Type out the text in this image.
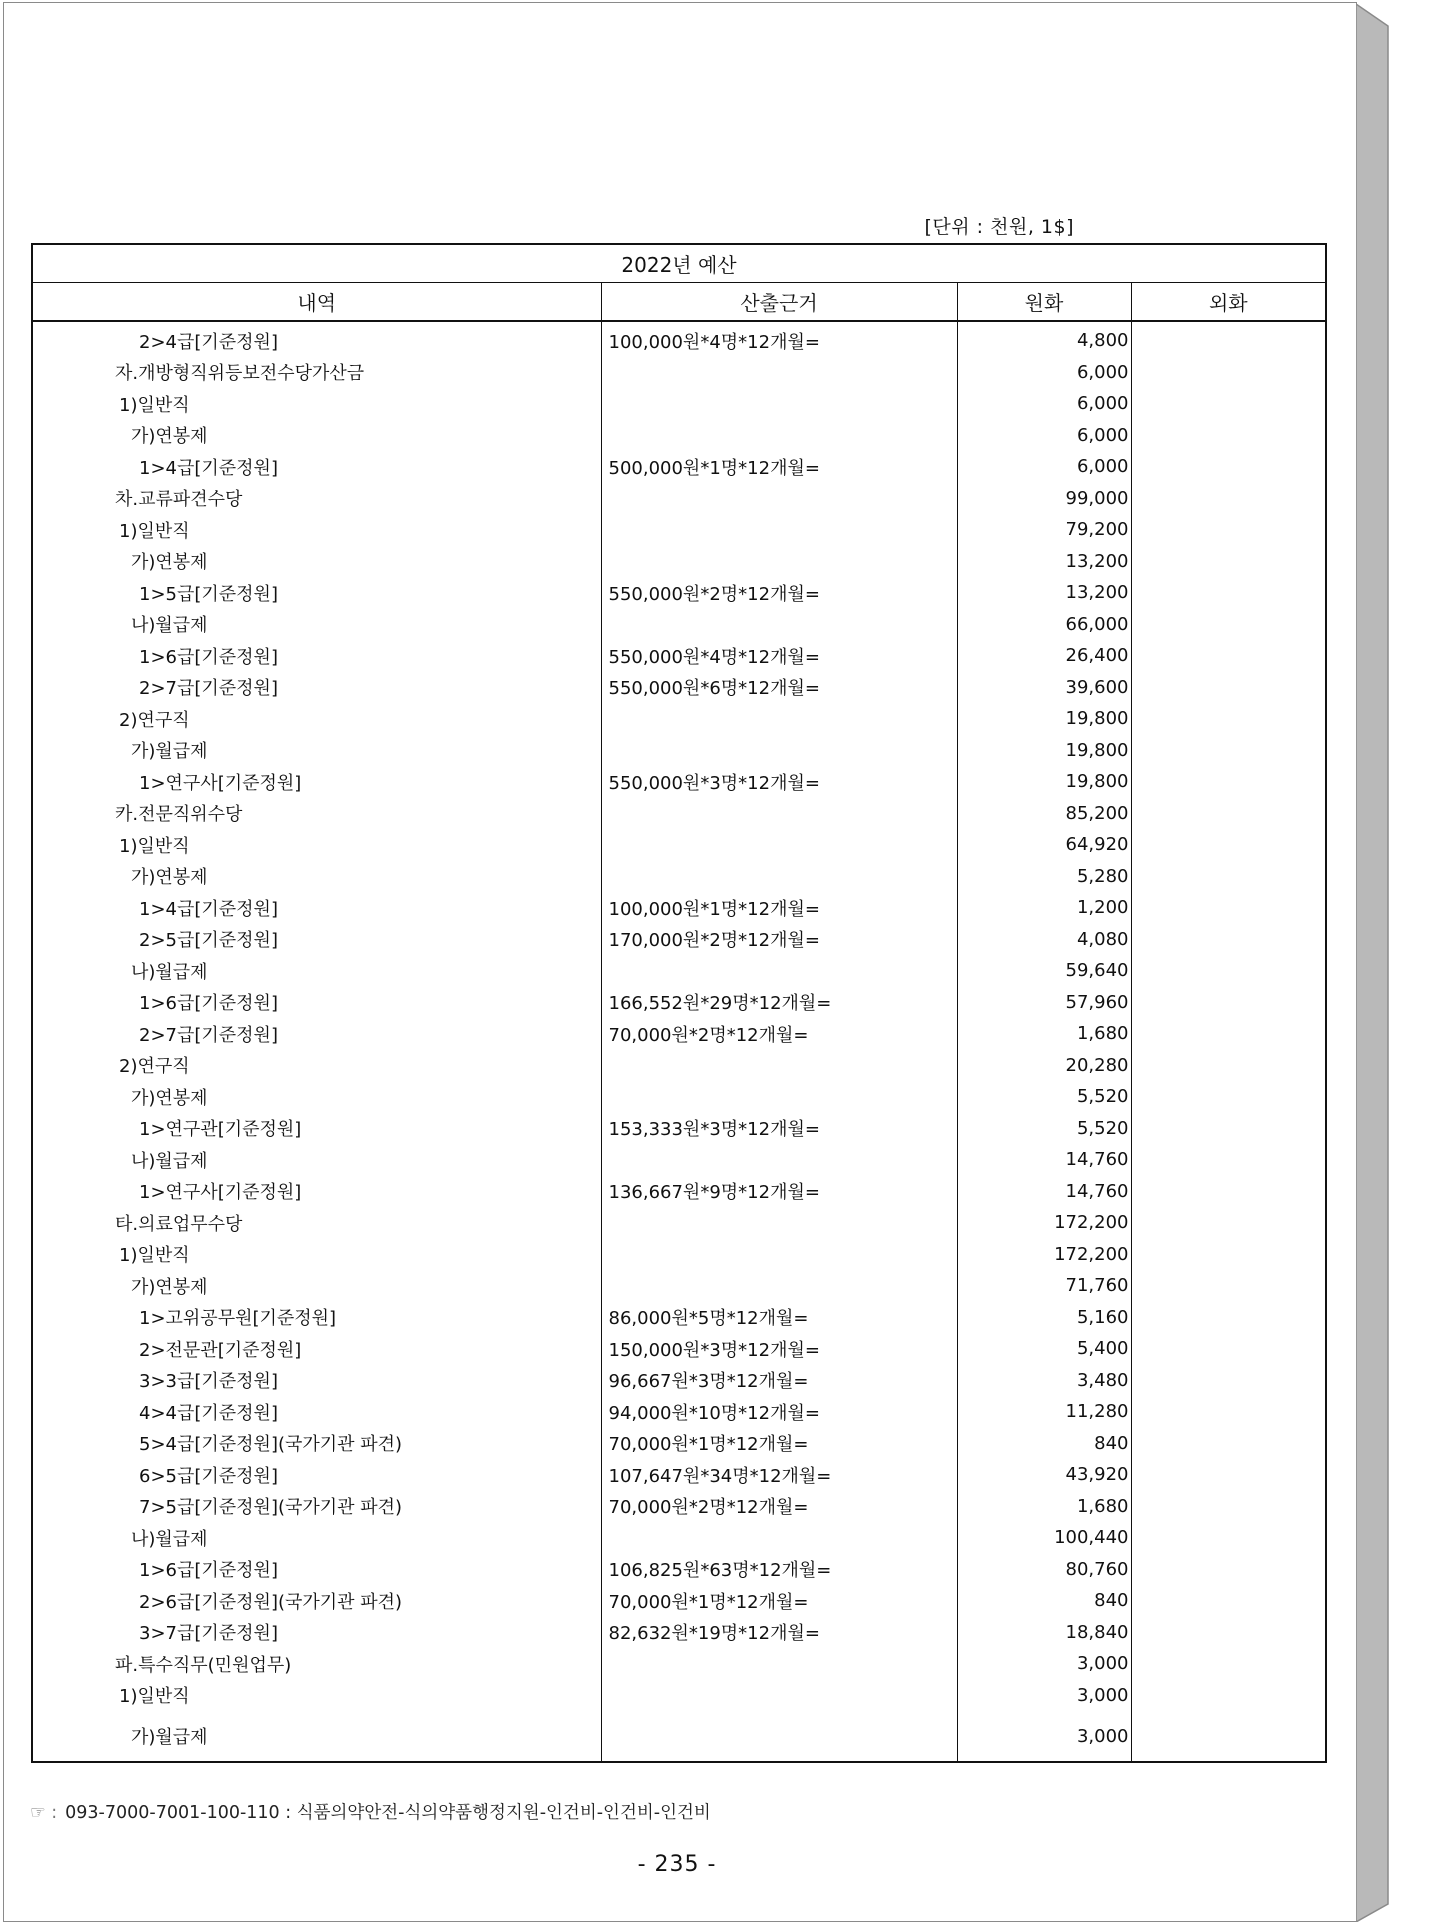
[단위 : 천원, 1$]
2022년 예산			
내역	산출근거	원화	외화
2>4급[기준정원]	100,000원*4명*12개월=	4,800	
자.개방형직위등보전수당가산금		6,000	
1)일반직		6,000	
가)연봉제		6,000	
1>4급[기준정원]	500,000원*1명*12개월=	6,000	
차.교류파견수당		99,000	
1)일반직		79,200	
가)연봉제		13,200	
1>5급[기준정원]	550,000원*2명*12개월=	13,200	
나)월급제		66,000	
1>6급[기준정원]	550,000원*4명*12개월=	26,400	
2>7급[기준정원]	550,000원*6명*12개월=	39,600	
2)연구직		19,800	
가)월급제		19,800	
1>연구사[기준정원]	550,000원*3명*12개월=	19,800	
카.전문직위수당		85,200	
1)일반직		64,920	
가)연봉제		5,280	
1>4급[기준정원]	100,000원*1명*12개월=	1,200	
2>5급[기준정원]	170,000원*2명*12개월=	4,080	
나)월급제		59,640	
1>6급[기준정원]	166,552원*29명*12개월=	57,960	
2>7급[기준정원]	70,000원*2명*12개월=	1,680	
2)연구직		20,280	
가)연봉제		5,520	
1>연구관[기준정원]	153,333원*3명*12개월=	5,520	
나)월급제		14,760	
1>연구사[기준정원]	136,667원*9명*12개월=	14,760	
타.의료업무수당		172,200	
1)일반직		172,200	
가)연봉제		71,760	
1>고위공무원[기준정원]	86,000원*5명*12개월=	5,160	
2>전문관[기준정원]	150,000원*3명*12개월=	5,400	
3>3급[기준정원]	96,667원*3명*12개월=	3,480	
4>4급[기준정원]	94,000원*10명*12개월=	11,280	
5>4급[기준정원](국가기관 파견)	70,000원*1명*12개월=	840	
6>5급[기준정원]	107,647원*34명*12개월=	43,920	
7>5급[기준정원](국가기관 파견)	70,000원*2명*12개월=	1,680	
나)월급제		100,440	
1>6급[기준정원]	106,825원*63명*12개월=	80,760	
2>6급[기준정원](국가기관 파견)	70,000원*1명*12개월=	840	
3>7급[기준정원]	82,632원*19명*12개월=	18,840	
파.특수직무(민원업무)		3,000	
1)일반직		3,000	
가)월급제		3,000	
☞ : 093-7000-7001-100-110 : 식품의약안전-식의약품행정지원-인건비-인건비-인건비
- 235 -
